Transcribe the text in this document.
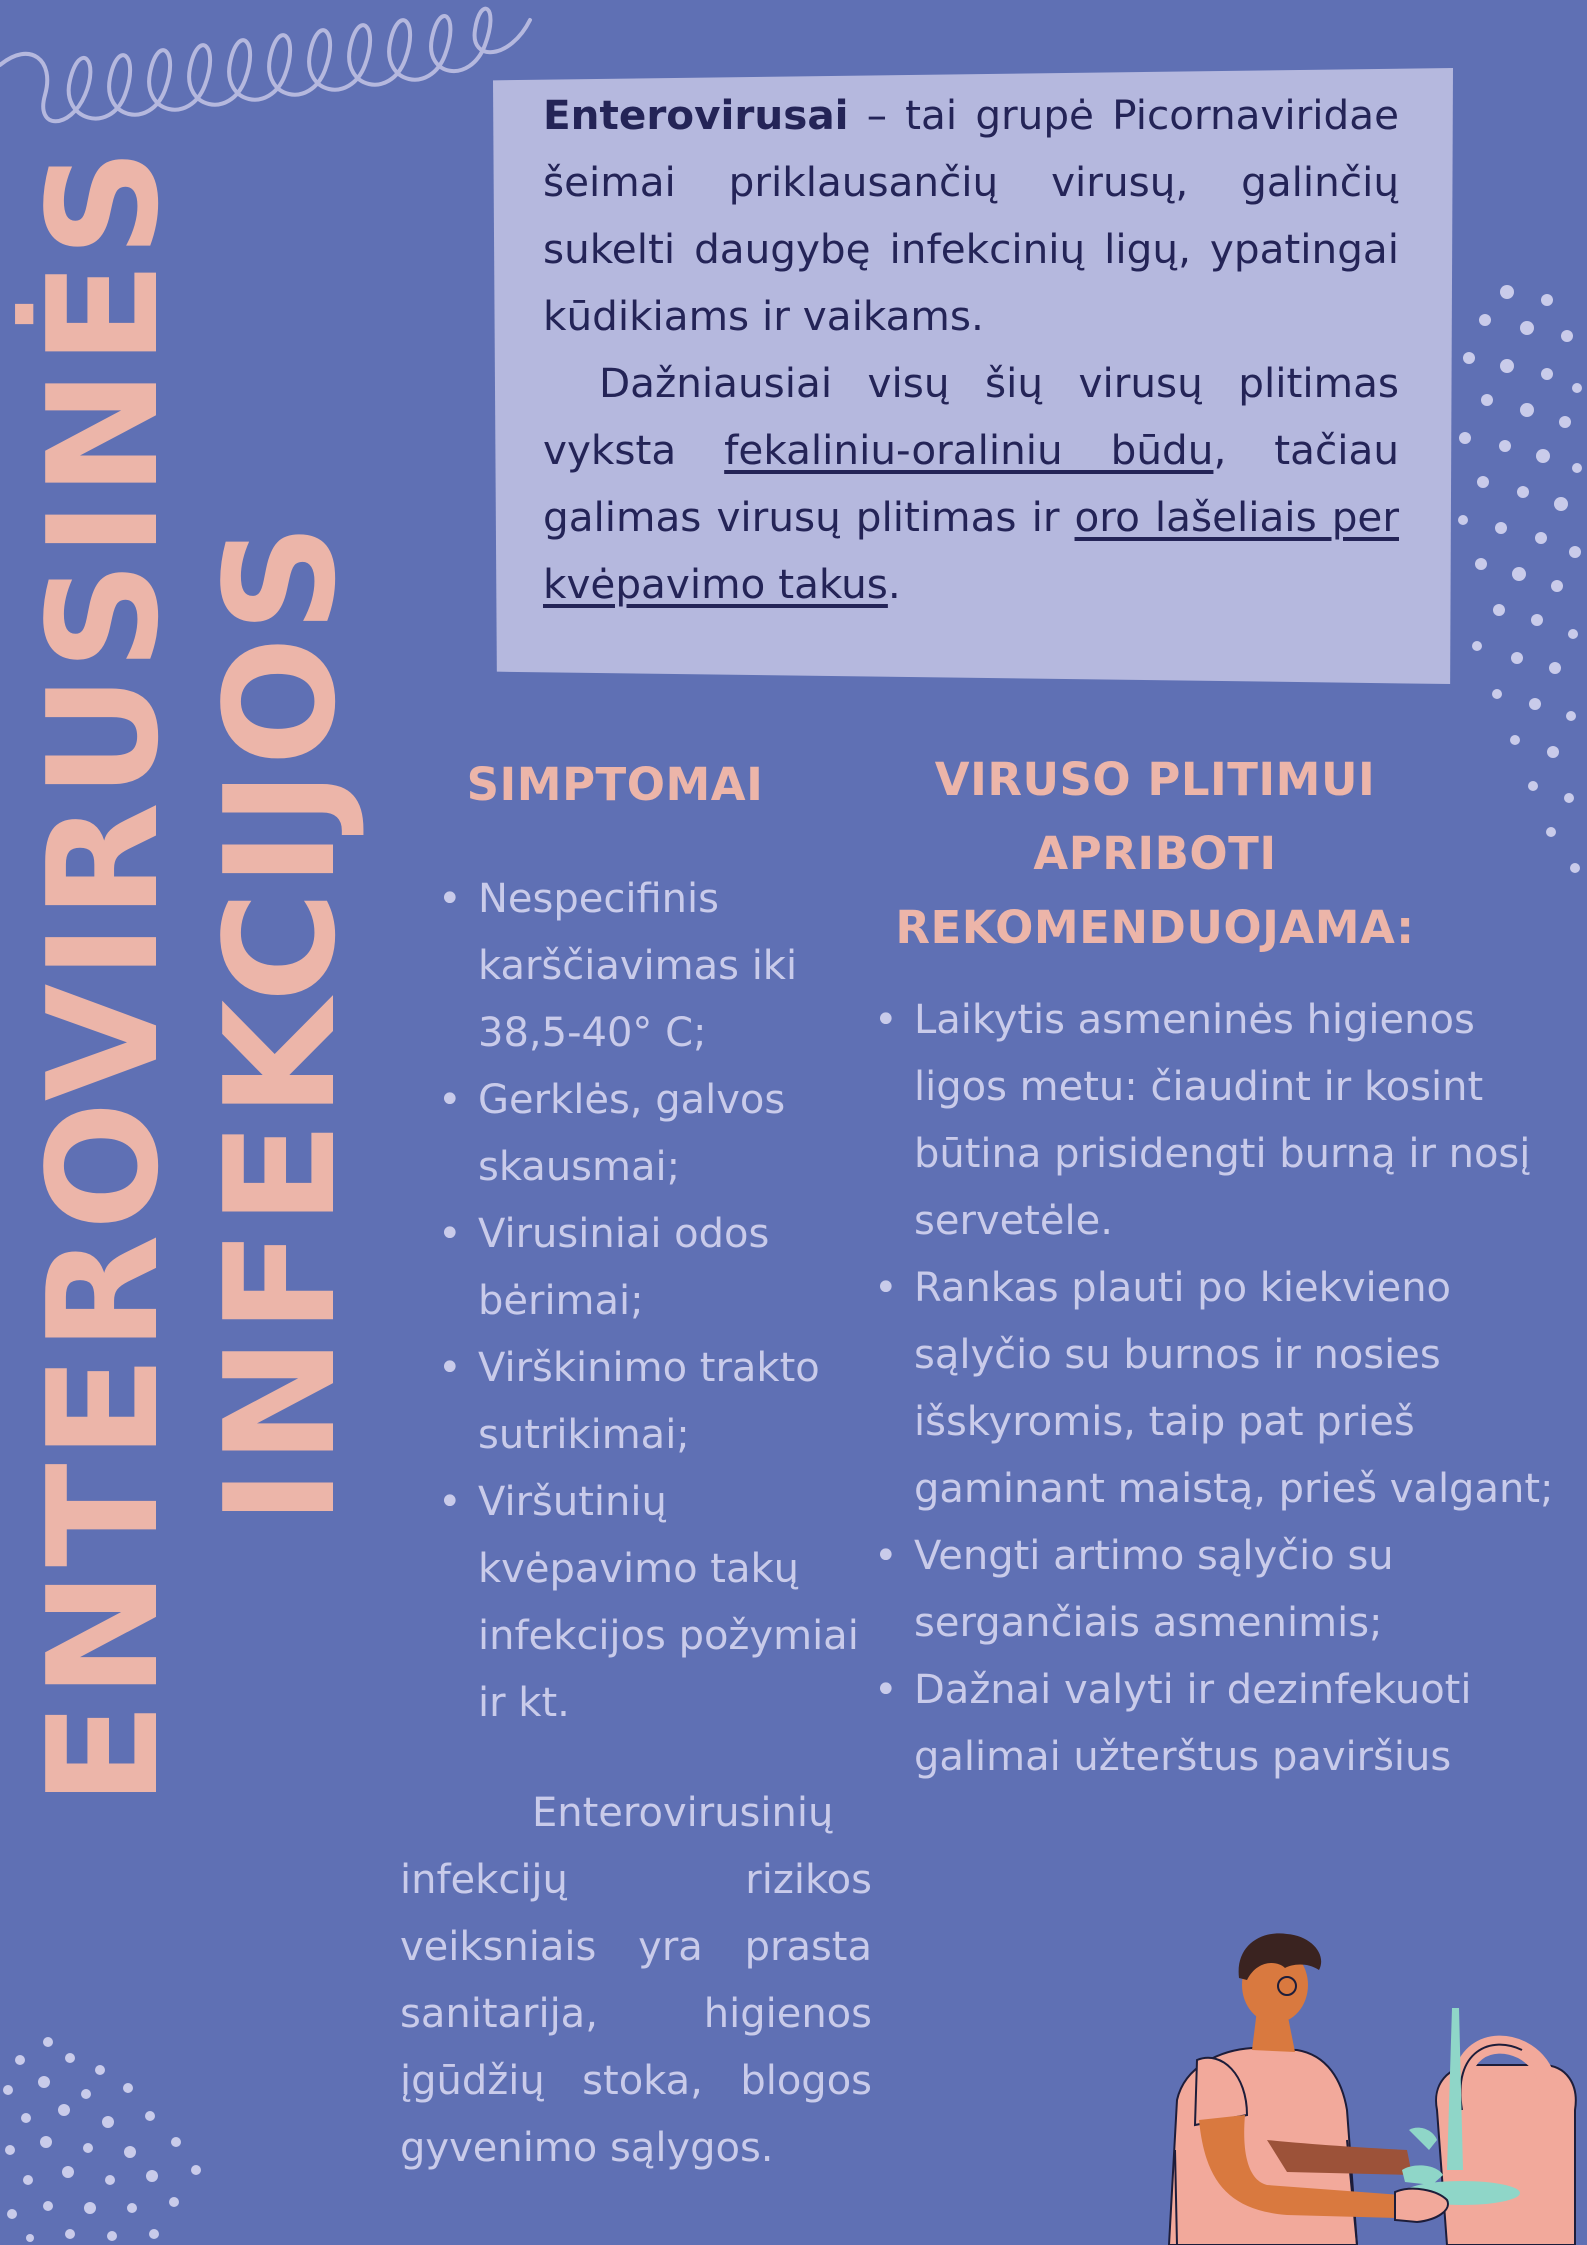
ENTEROVIRUSINĖS INFEKCIJOS

Enterovirusai – tai grupė Picornaviridae šeimai priklausančių virusų, galinčių sukelti daugybę infekcinių ligų, ypatingai kūdikiams ir vaikams.

Dažniausiai visų šių virusų plitimas vyksta fekaliniu-oraliniu būdu, tačiau galimas virusų plitimas ir oro lašeliais per kvėpavimo takus.

SIMPTOMAI
• Nespecifinis karščiavimas iki 38,5-40° C;
• Gerklės, galvos skausmai;
• Virusiniai odos bėrimai;
• Virškinimo trakto sutrikimai;
• Viršutinių kvėpavimo takų infekcijos požymiai ir kt.

Enterovirusinių infekcijų rizikos veiksniais yra prasta sanitarija, higienos įgūdžių stoka, blogos gyvenimo sąlygos.

VIRUSO PLITIMUI
APRIBOTI
REKOMENDUOJAMA:
• Laikytis asmeninės higienos ligos metu: čiaudint ir kosint būtina prisidengti burną ir nosį servetėle.
• Rankas plauti po kiekvieno sąlyčio su burnos ir nosies išskyromis, taip pat prieš gaminant maistą, prieš valgant;
• Vengti artimo sąlyčio su sergančiais asmenimis;
• Dažnai valyti ir dezinfekuoti galimai užterštus paviršius
